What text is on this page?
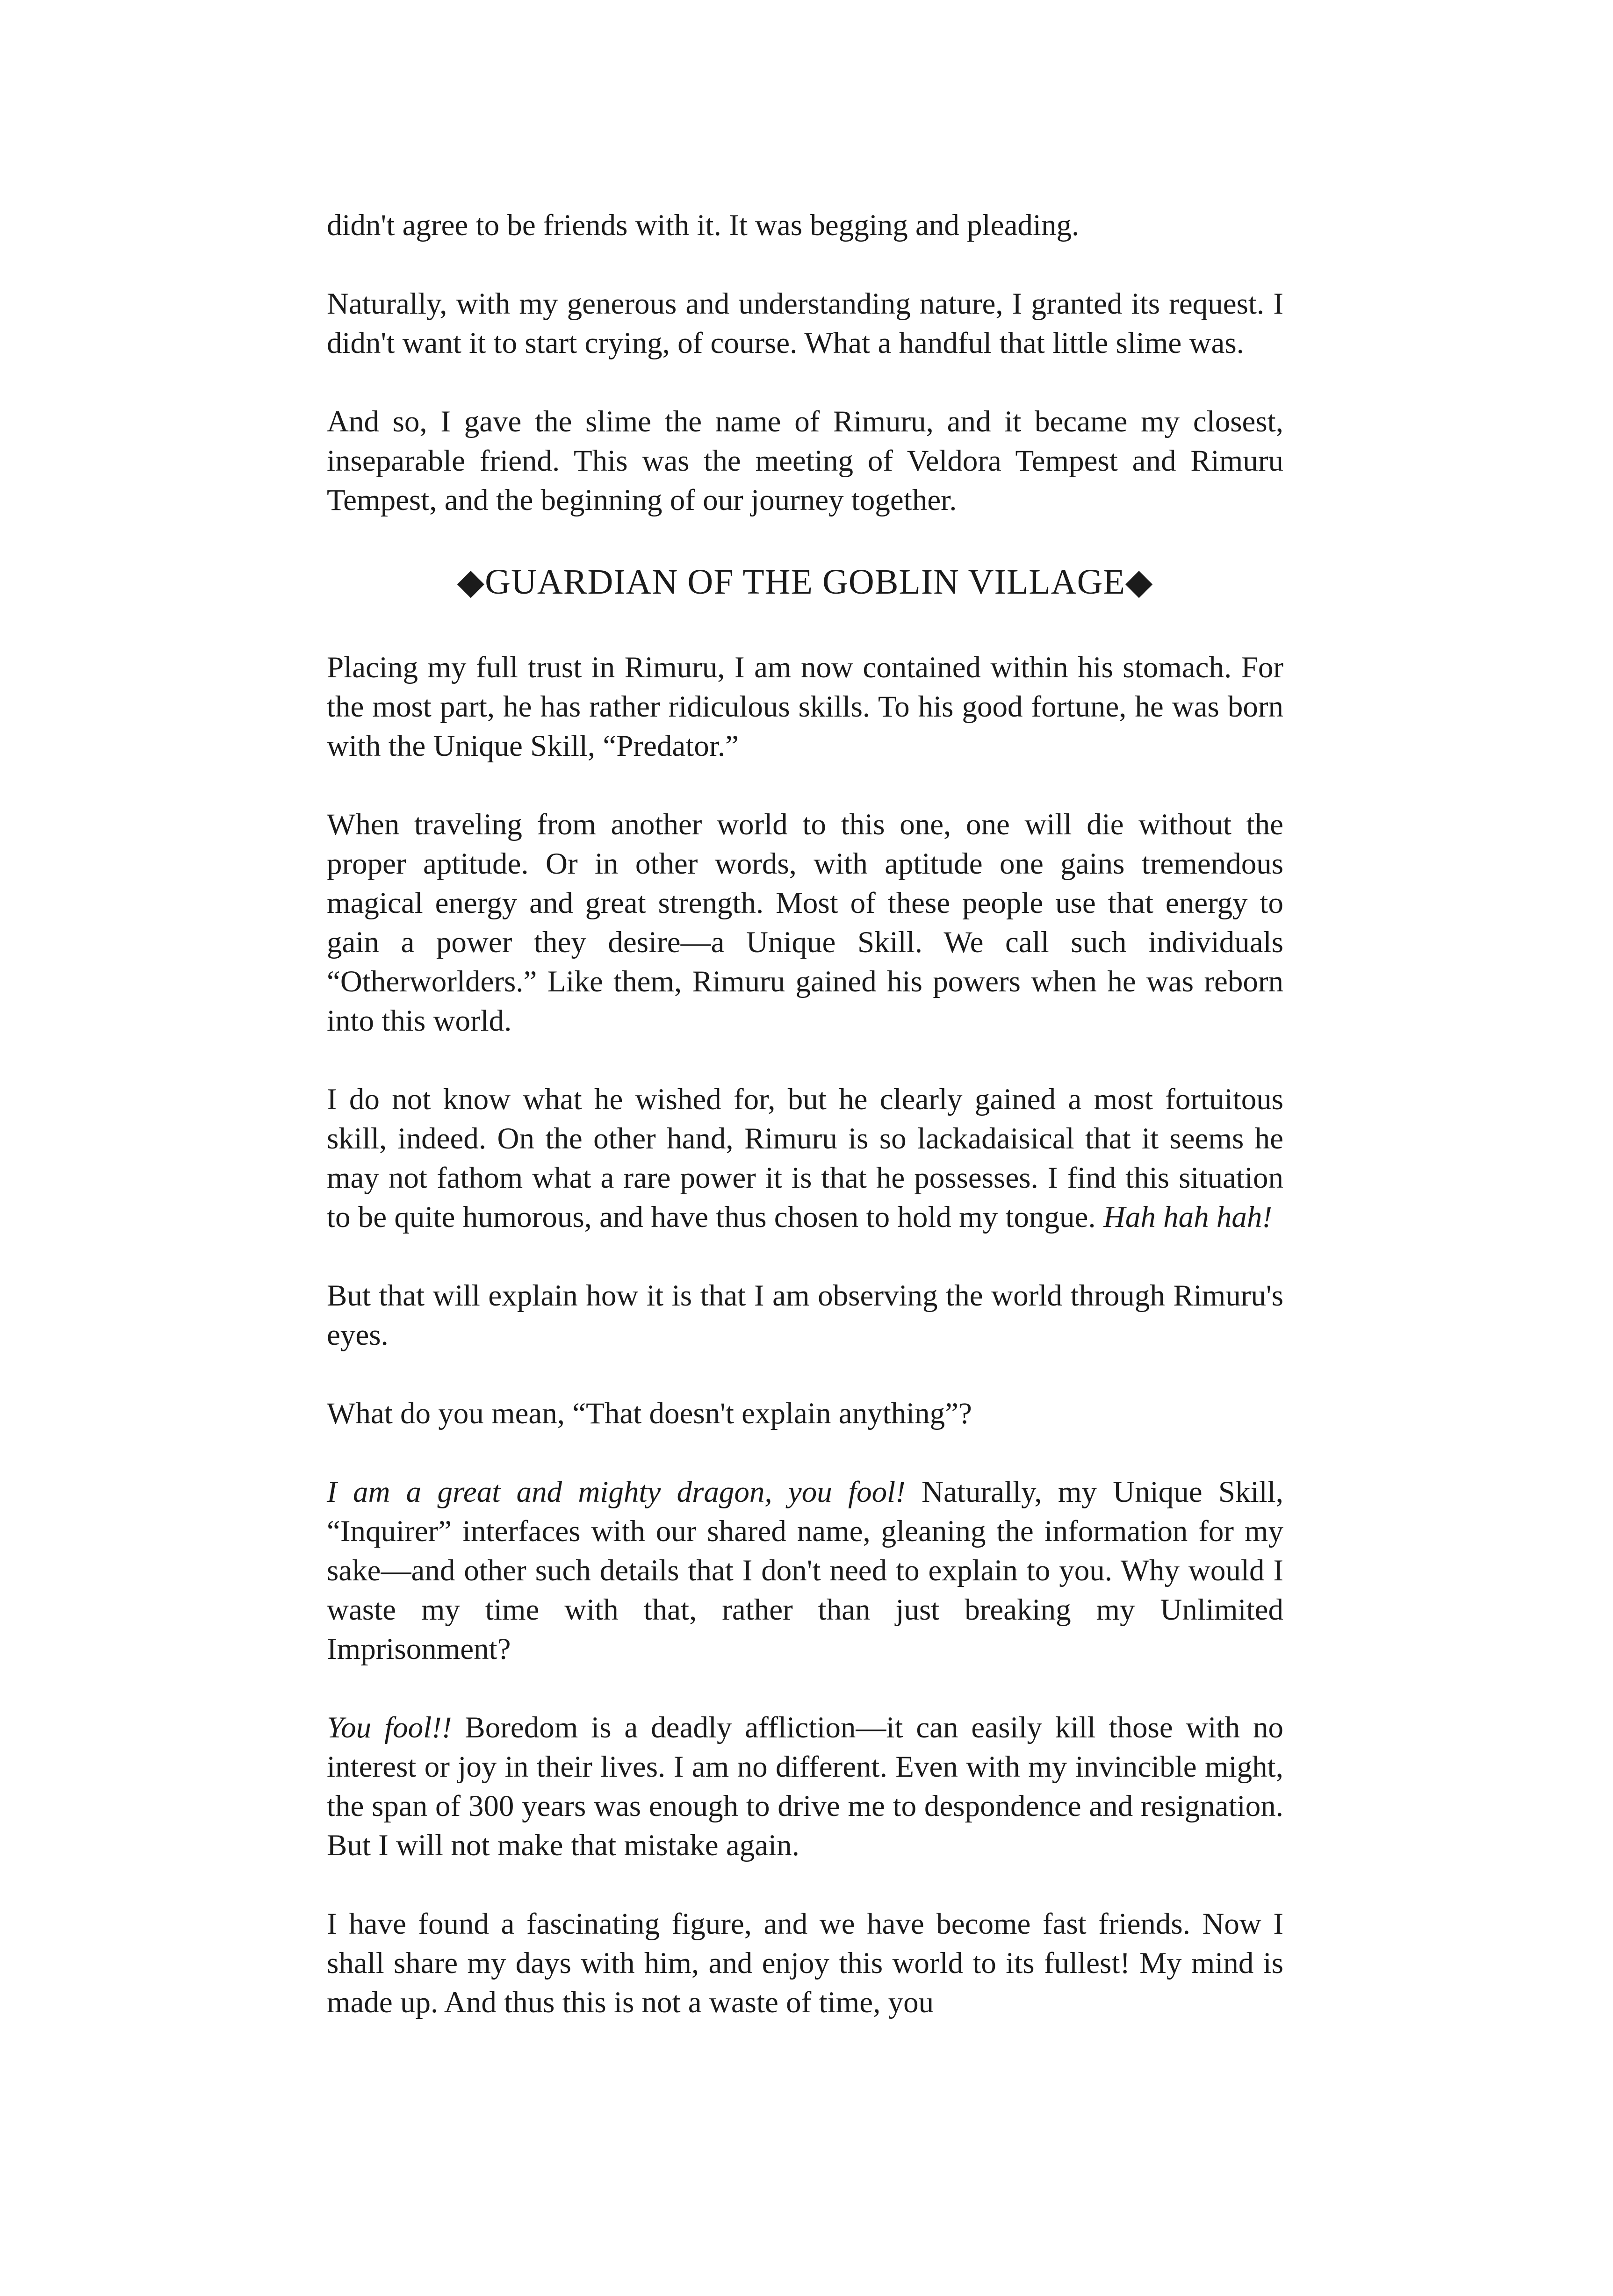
didn't agree to be friends with it. It was begging and pleading.

Naturally, with my generous and understanding nature, I granted its request. I didn't want it to start crying, of course. What a handful that little slime was.

And so, I gave the slime the name of Rimuru, and it became my closest, inseparable friend. This was the meeting of Veldora Tempest and Rimuru Tempest, and the beginning of our journey together.

◆GUARDIAN OF THE GOBLIN VILLAGE◆

Placing my full trust in Rimuru, I am now contained within his stomach. For the most part, he has rather ridiculous skills. To his good fortune, he was born with the Unique Skill, “Predator.”

When traveling from another world to this one, one will die without the proper aptitude. Or in other words, with aptitude one gains tremendous magical energy and great strength. Most of these people use that energy to gain a power they desire—a Unique Skill. We call such individuals “Otherworlders.” Like them, Rimuru gained his powers when he was reborn into this world.

I do not know what he wished for, but he clearly gained a most fortuitous skill, indeed. On the other hand, Rimuru is so lackadaisical that it seems he may not fathom what a rare power it is that he possesses. I find this situation to be quite humorous, and have thus chosen to hold my tongue. Hah hah hah!

But that will explain how it is that I am observing the world through Rimuru's eyes.

What do you mean, “That doesn't explain anything”?

I am a great and mighty dragon, you fool! Naturally, my Unique Skill, “Inquirer” interfaces with our shared name, gleaning the information for my sake—and other such details that I don't need to explain to you. Why would I waste my time with that, rather than just breaking my Unlimited Imprisonment?

You fool!! Boredom is a deadly affliction—it can easily kill those with no interest or joy in their lives. I am no different. Even with my invincible might, the span of 300 years was enough to drive me to despondence and resignation. But I will not make that mistake again.

I have found a fascinating figure, and we have become fast friends. Now I shall share my days with him, and enjoy this world to its fullest! My mind is made up. And thus this is not a waste of time, you
